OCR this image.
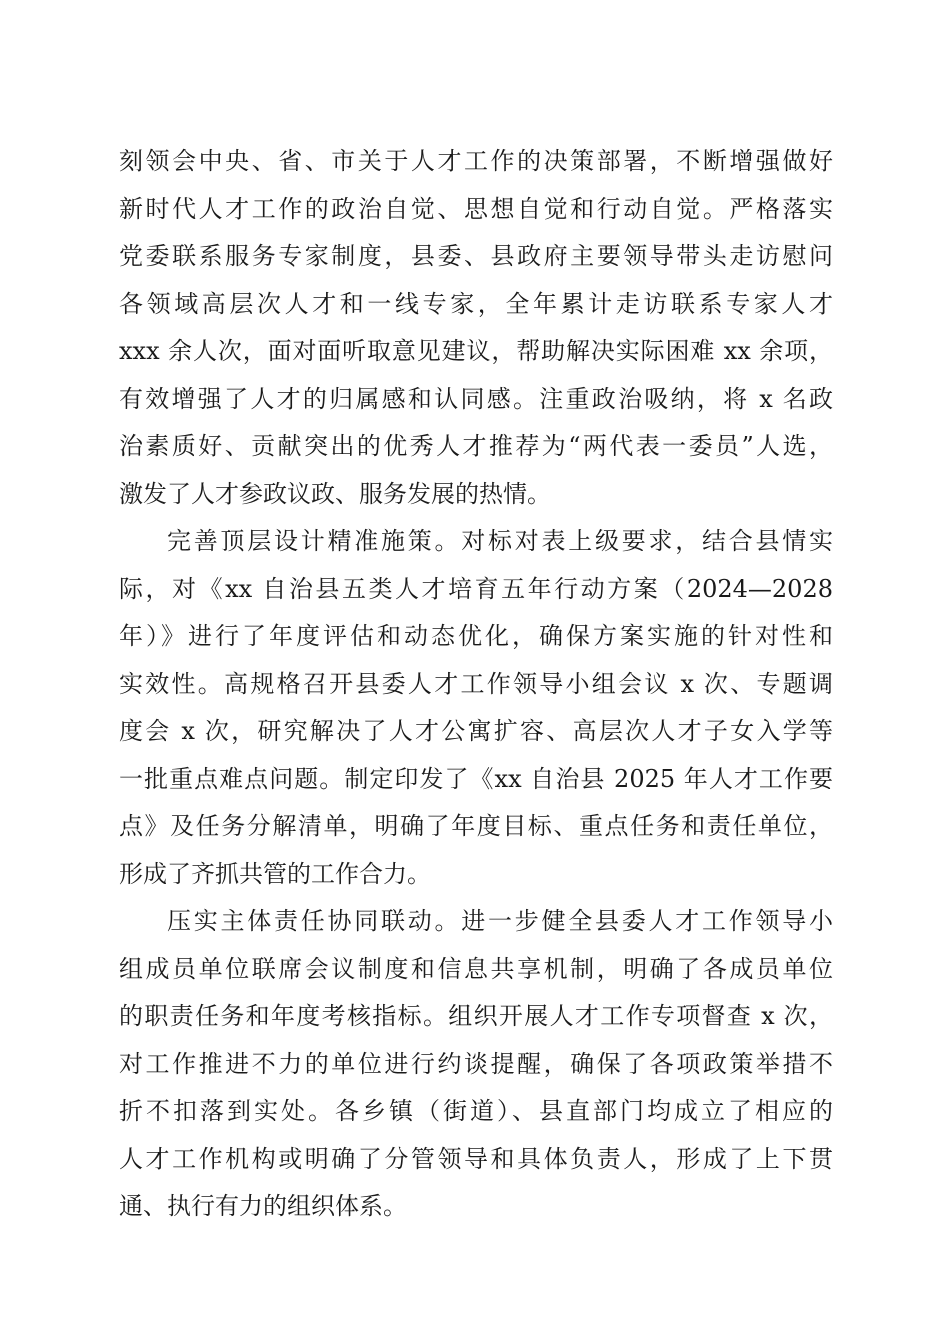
刻领会中央、省、市关于人才工作的决策部署，不断增强做好
新时代人才工作的政治自觉、思想自觉和行动自觉。严格落实
党委联系服务专家制度，县委、县政府主要领导带头走访慰问
各领域高层次人才和一线专家，全年累计走访联系专家人才
xxx 余人次，面对面听取意见建议，帮助解决实际困难 xx 余项，
有效增强了人才的归属感和认同感。注重政治吸纳，将 x 名政
治素质好、贡献突出的优秀人才推荐为“两代表一委员”人选，
激发了人才参政议政、服务发展的热情。
完善顶层设计精准施策。对标对表上级要求，结合县情实
际，对《xx 自治县五类人才培育五年行动方案（2024—2028
年）》进行了年度评估和动态优化，确保方案实施的针对性和
实效性。高规格召开县委人才工作领导小组会议 x 次、专题调
度会 x 次，研究解决了人才公寓扩容、高层次人才子女入学等
一批重点难点问题。制定印发了《xx 自治县 2025 年人才工作要
点》及任务分解清单，明确了年度目标、重点任务和责任单位，
形成了齐抓共管的工作合力。
压实主体责任协同联动。进一步健全县委人才工作领导小
组成员单位联席会议制度和信息共享机制，明确了各成员单位
的职责任务和年度考核指标。组织开展人才工作专项督查 x 次，
对工作推进不力的单位进行约谈提醒，确保了各项政策举措不
折不扣落到实处。各乡镇（街道）、县直部门均成立了相应的
人才工作机构或明确了分管领导和具体负责人，形成了上下贯
通、执行有力的组织体系。
